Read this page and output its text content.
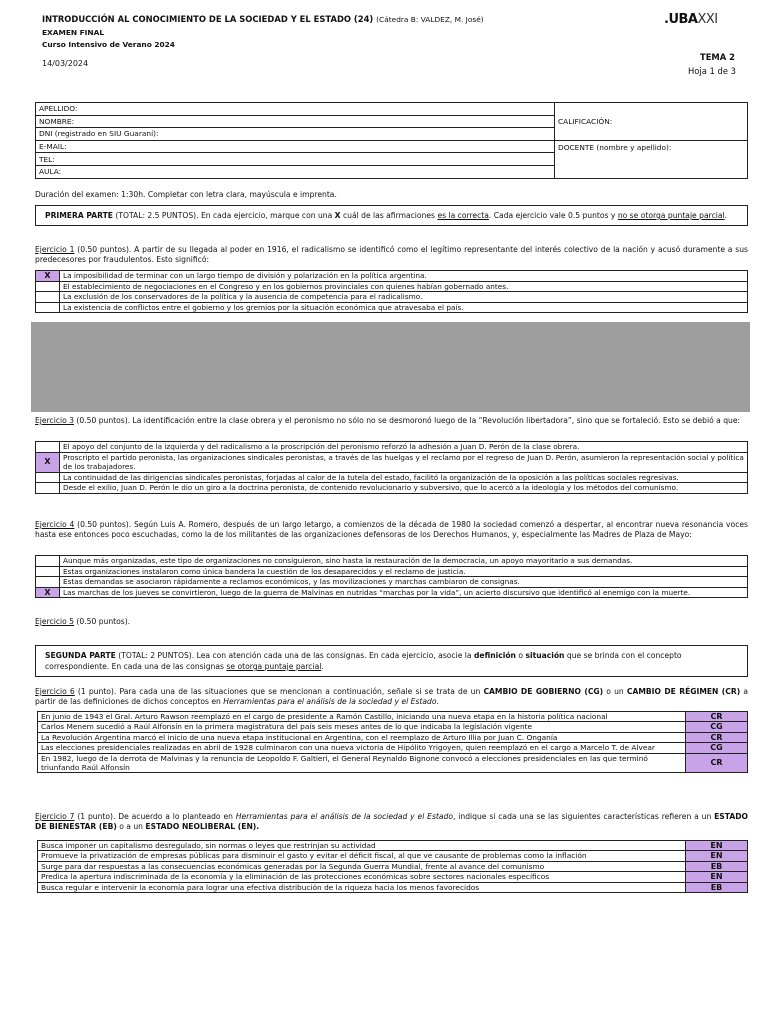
INTRODUCCIÓN AL CONOCIMIENTO DE LA SOCIEDAD Y EL ESTADO (24) (Cátedra B: VALDEZ, M. José)
EXAMEN FINAL
Curso Intensivo de Verano 2024
14/03/2024
.UBAXXI
TEMA 2
Hoja 1 de 3
APELLIDO:	CALIFICACIÓN:
NOMBRE:	
DNI (registrado en SIU Guaraní):	
E-MAIL:	DOCENTE (nombre y apellido):
TEL:	
AULA:	
Duración del examen: 1:30h. Completar con letra clara, mayúscula e imprenta.
PRIMERA PARTE (TOTAL: 2.5 PUNTOS). En cada ejercicio, marque con una X cuál de las afirmaciones es la correcta. Cada ejercicio vale 0.5 puntos y no se otorga puntaje parcial.
Ejercicio 1 (0.50 puntos). A partir de su llegada al poder en 1916, el radicalismo se identificó como el legítimo representante del interés colectivo de la nación y acusó duramente a sus predecesores por fraudulentos. Esto significó:
X	La imposibilidad de terminar con un largo tiempo de división y polarización en la política argentina.
	El establecimiento de negociaciones en el Congreso y en los gobiernos provinciales con quienes habían gobernado antes.
	La exclusión de los conservadores de la política y la ausencia de competencia para el radicalismo.
	La existencia de conflictos entre el gobierno y los gremios por la situación económica que atravesaba el país.
Ejercicio 3 (0.50 puntos). La identificación entre la clase obrera y el peronismo no sólo no se desmoronó luego de la “Revolución libertadora”, sino que se fortaleció. Esto se debió a que:
	El apoyo del conjunto de la izquierda y del radicalismo a la proscripción del peronismo reforzó la adhesión a Juan D. Perón de la clase obrera.
X	Proscripto el partido peronista, las organizaciones sindicales peronistas, a través de las huelgas y el reclamo por el regreso de Juan D. Perón, asumieron la representación social y política de los trabajadores.
	La continuidad de las dirigencias sindicales peronistas, forjadas al calor de la tutela del estado, facilitó la organización de la oposición a las políticas sociales regresivas.
	Desde el exilio, Juan D. Perón le dio un giro a la doctrina peronista, de contenido revolucionario y subversivo, que lo acercó a la ideología y los métodos del comunismo.
Ejercicio 4 (0.50 puntos). Según Luis A. Romero, después de un largo letargo, a comienzos de la década de 1980 la sociedad comenzó a despertar, al encontrar nueva resonancia voces hasta ese entonces poco escuchadas, como la de los militantes de las organizaciones defensoras de los Derechos Humanos, y, especialmente las Madres de Plaza de Mayo:
	Aunque más organizadas, este tipo de organizaciones no consiguieron, sino hasta la restauración de la democracia, un apoyo mayoritario a sus demandas.
	Estas organizaciones instalaron como única bandera la cuestión de los desaparecidos y el reclamo de justicia.
	Estas demandas se asociaron rápidamente a reclamos económicos, y las movilizaciones y marchas cambiaron de consignas.
X	Las marchas de los jueves se convirtieron, luego de la guerra de Malvinas en nutridas “marchas por la vida”, un acierto discursivo que identificó al enemigo con la muerte.
Ejercicio 5 (0.50 puntos).
SEGUNDA PARTE (TOTAL: 2 PUNTOS). Lea con atención cada una de las consignas. En cada ejercicio, asocie la definición o situación que se brinda con el concepto correspondiente. En cada una de las consignas se otorga puntaje parcial.
Ejercicio 6 (1 punto). Para cada una de las situaciones que se mencionan a continuación, señale si se trata de un CAMBIO DE GOBIERNO (CG) o un CAMBIO DE RÉGIMEN (CR) a partir de las definiciones de dichos conceptos en Herramientas para el análisis de la sociedad y el Estado.
En junio de 1943 el Gral. Arturo Rawson reemplazó en el cargo de presidente a Ramón Castillo, iniciando una nueva etapa en la historia política nacional	CR
Carlos Menem sucedió a Raúl Alfonsín en la primera magistratura del país seis meses antes de lo que indicaba la legislación vigente	CG
La Revolución Argentina marcó el inicio de una nueva etapa institucional en Argentina, con el reemplazo de Arturo Illia por Juan C. Onganía	CR
Las elecciones presidenciales realizadas en abril de 1928 culminaron con una nueva victoria de Hipólito Yrigoyen, quien reemplazó en el cargo a Marcelo T. de Alvear	CG
En 1982, luego de la derrota de Malvinas y la renuncia de Leopoldo F. Galtieri, el General Reynaldo Bignone convocó a elecciones presidenciales en las que terminó triunfando Raúl Alfonsín	CR
Ejercicio 7 (1 punto). De acuerdo a lo planteado en Herramientas para el análisis de la sociedad y el Estado, indique si cada una se las siguientes características refieren a un ESTADO DE BIENESTAR (EB) o a un ESTADO NEOLIBERAL (EN).
Busca imponer un capitalismo desregulado, sin normas o leyes que restrinjan su actividad	EN
Promueve la privatización de empresas públicas para disminuir el gasto y evitar el déficit fiscal, al que ve causante de problemas como la inflación	EN
Surge para dar respuestas a las consecuencias económicas generadas por la Segunda Guerra Mundial, frente al avance del comunismo	EB
Predica la apertura indiscriminada de la economía y la eliminación de las protecciones económicas sobre sectores nacionales específicos	EN
Busca regular e intervenir la economía para lograr una efectiva distribución de la riqueza hacia los menos favorecidos	EB
